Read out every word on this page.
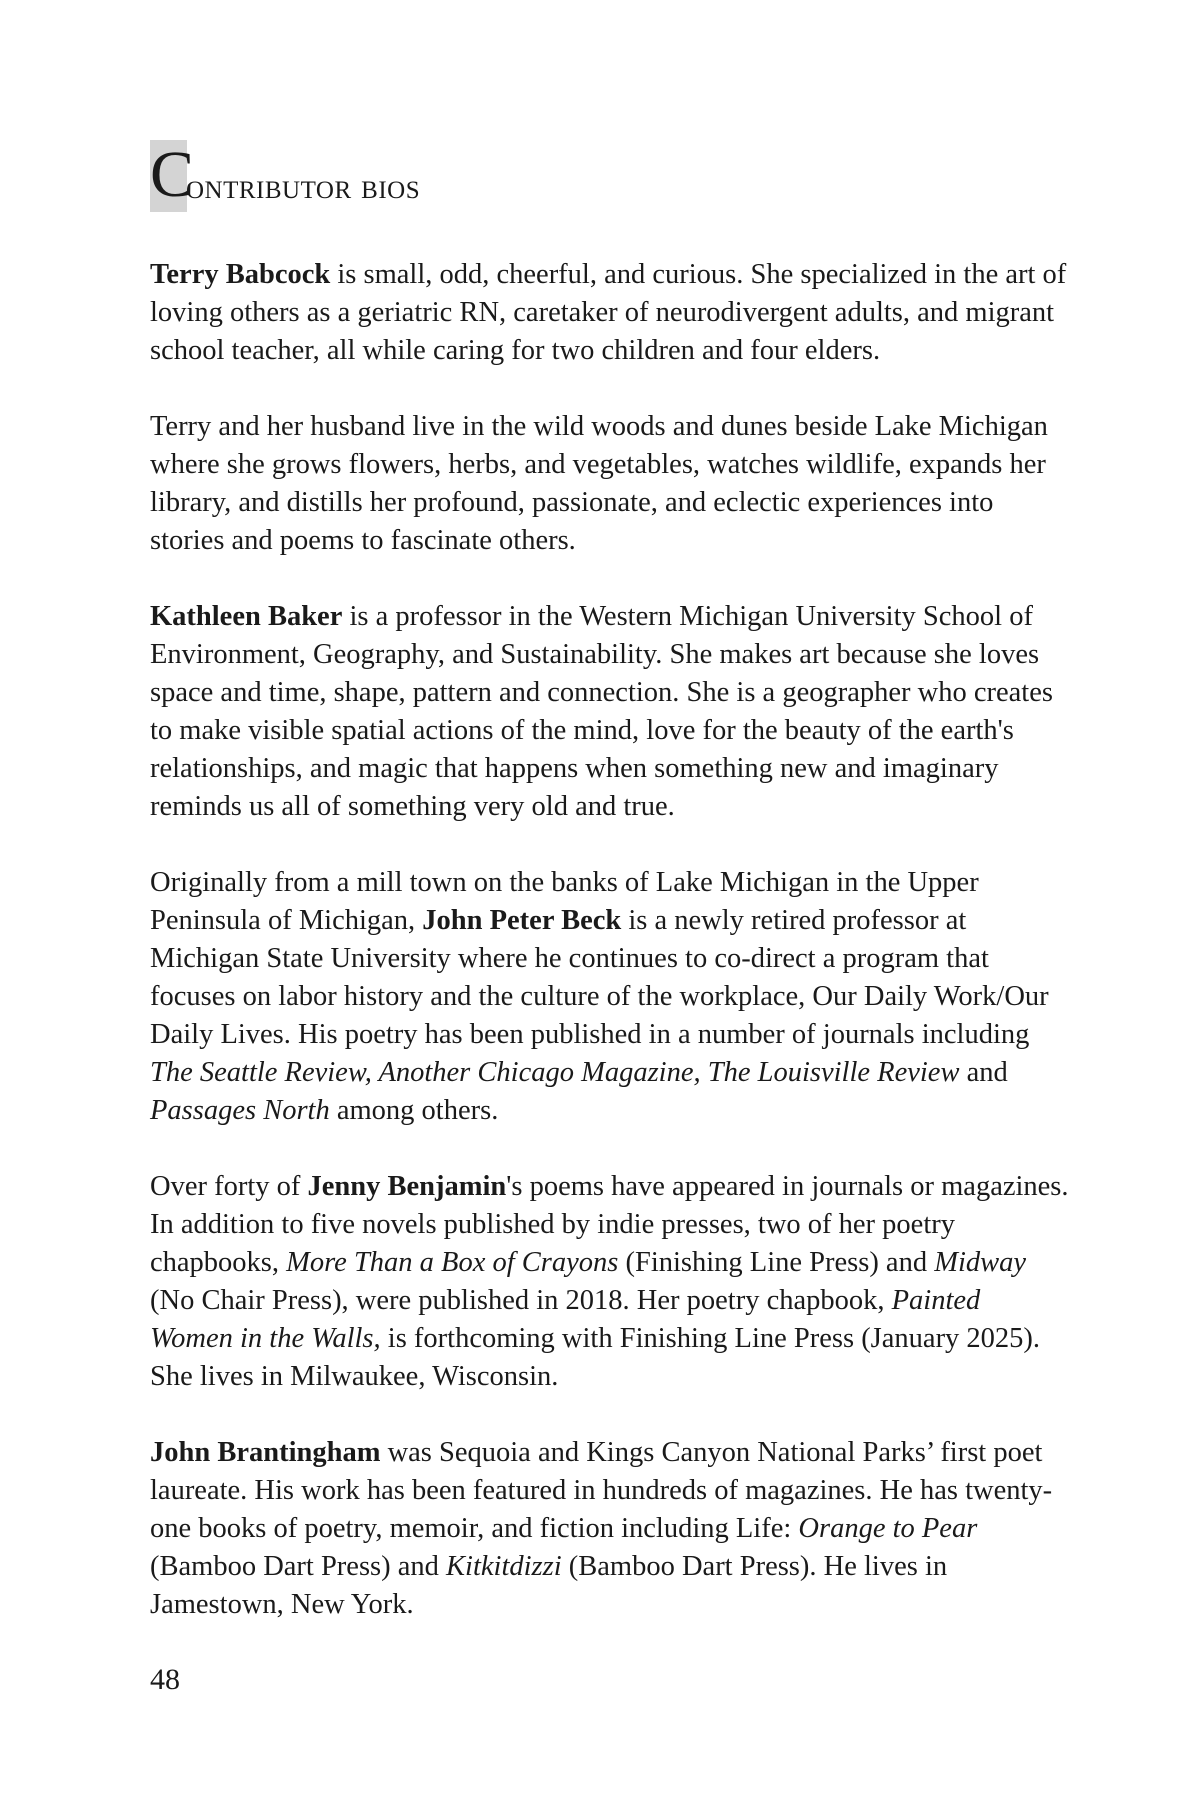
C
ontributor bios

Terry Babcock is small, odd, cheerful, and curious. She specialized in the art of loving others as a geriatric RN, caretaker of neurodivergent adults, and migrant school teacher, all while caring for two children and four elders.

Terry and her husband live in the wild woods and dunes beside Lake Michigan where she grows flowers, herbs, and vegetables, watches wildlife, expands her library, and distills her profound, passionate, and eclectic experiences into stories and poems to fascinate others.

Kathleen Baker is a professor in the Western Michigan University School of Environment, Geography, and Sustainability. She makes art because she loves space and time, shape, pattern and connection. She is a geographer who creates to make visible spatial actions of the mind, love for the beauty of the earth's relationships, and magic that happens when something new and imaginary reminds us all of something very old and true.

Originally from a mill town on the banks of Lake Michigan in the Upper Peninsula of Michigan, John Peter Beck is a newly retired professor at Michigan State University where he continues to co-direct a program that focuses on labor history and the culture of the workplace, Our Daily Work/Our Daily Lives. His poetry has been published in a number of journals including The Seattle Review, Another Chicago Magazine, The Louisville Review and Passages North among others.

Over forty of Jenny Benjamin's poems have appeared in journals or magazines. In addition to five novels published by indie presses, two of her poetry chapbooks, More Than a Box of Crayons (Finishing Line Press) and Midway (No Chair Press), were published in 2018. Her poetry chapbook, Painted Women in the Walls, is forthcoming with Finishing Line Press (January 2025). She lives in Milwaukee, Wisconsin.

John Brantingham was Sequoia and Kings Canyon National Parks’ first poet laureate. His work has been featured in hundreds of magazines. He has twenty-one books of poetry, memoir, and fiction including Life: Orange to Pear (Bamboo Dart Press) and Kitkitdizzi (Bamboo Dart Press). He lives in Jamestown, New York.

48
